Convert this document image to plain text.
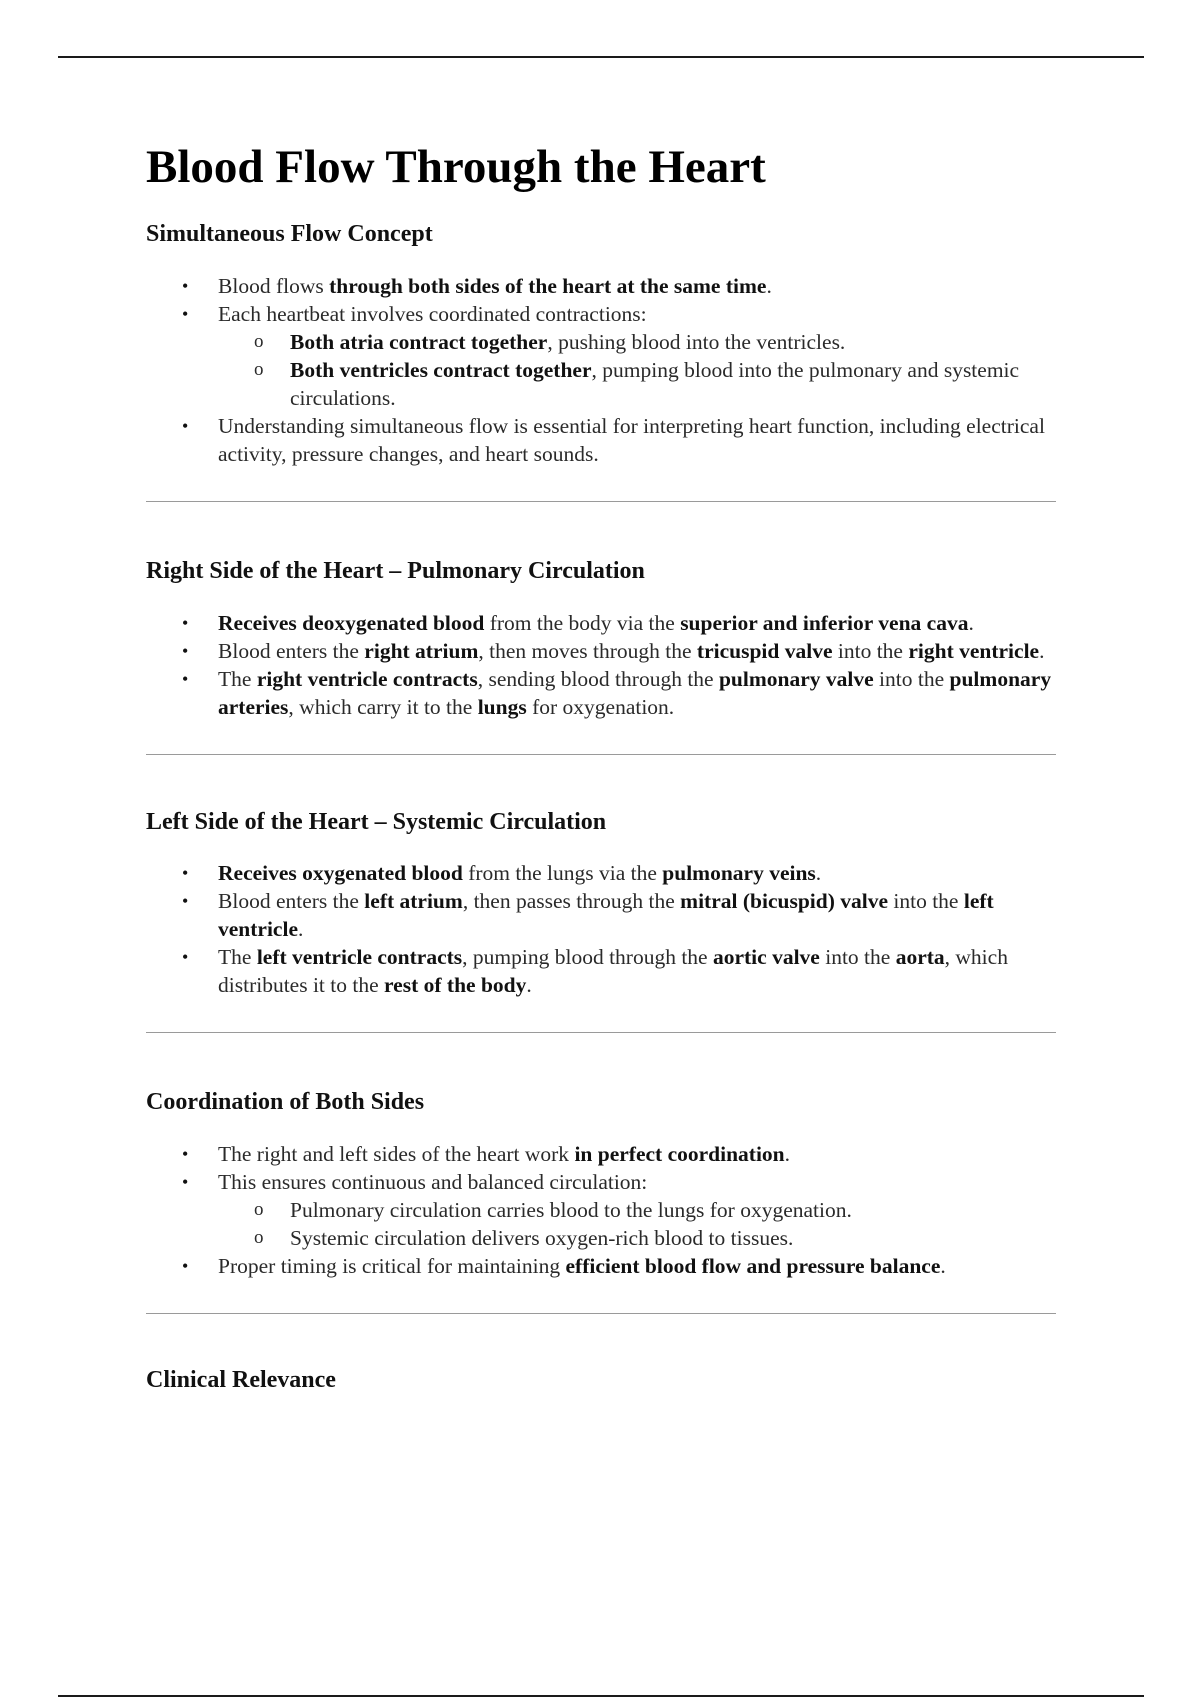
Blood Flow Through the Heart
Simultaneous Flow Concept
• Blood flows through both sides of the heart at the same time.
• Each heartbeat involves coordinated contractions:
o Both atria contract together, pushing blood into the ventricles.
o Both ventricles contract together, pumping blood into the pulmonary and systemic circulations.
• Understanding simultaneous flow is essential for interpreting heart function, including electrical activity, pressure changes, and heart sounds.
Right Side of the Heart – Pulmonary Circulation
• Receives deoxygenated blood from the body via the superior and inferior vena cava.
• Blood enters the right atrium, then moves through the tricuspid valve into the right ventricle.
• The right ventricle contracts, sending blood through the pulmonary valve into the pulmonary arteries, which carry it to the lungs for oxygenation.
Left Side of the Heart – Systemic Circulation
• Receives oxygenated blood from the lungs via the pulmonary veins.
• Blood enters the left atrium, then passes through the mitral (bicuspid) valve into the left ventricle.
• The left ventricle contracts, pumping blood through the aortic valve into the aorta, which distributes it to the rest of the body.
Coordination of Both Sides
• The right and left sides of the heart work in perfect coordination.
• This ensures continuous and balanced circulation:
o Pulmonary circulation carries blood to the lungs for oxygenation.
o Systemic circulation delivers oxygen-rich blood to tissues.
• Proper timing is critical for maintaining efficient blood flow and pressure balance.
Clinical Relevance
